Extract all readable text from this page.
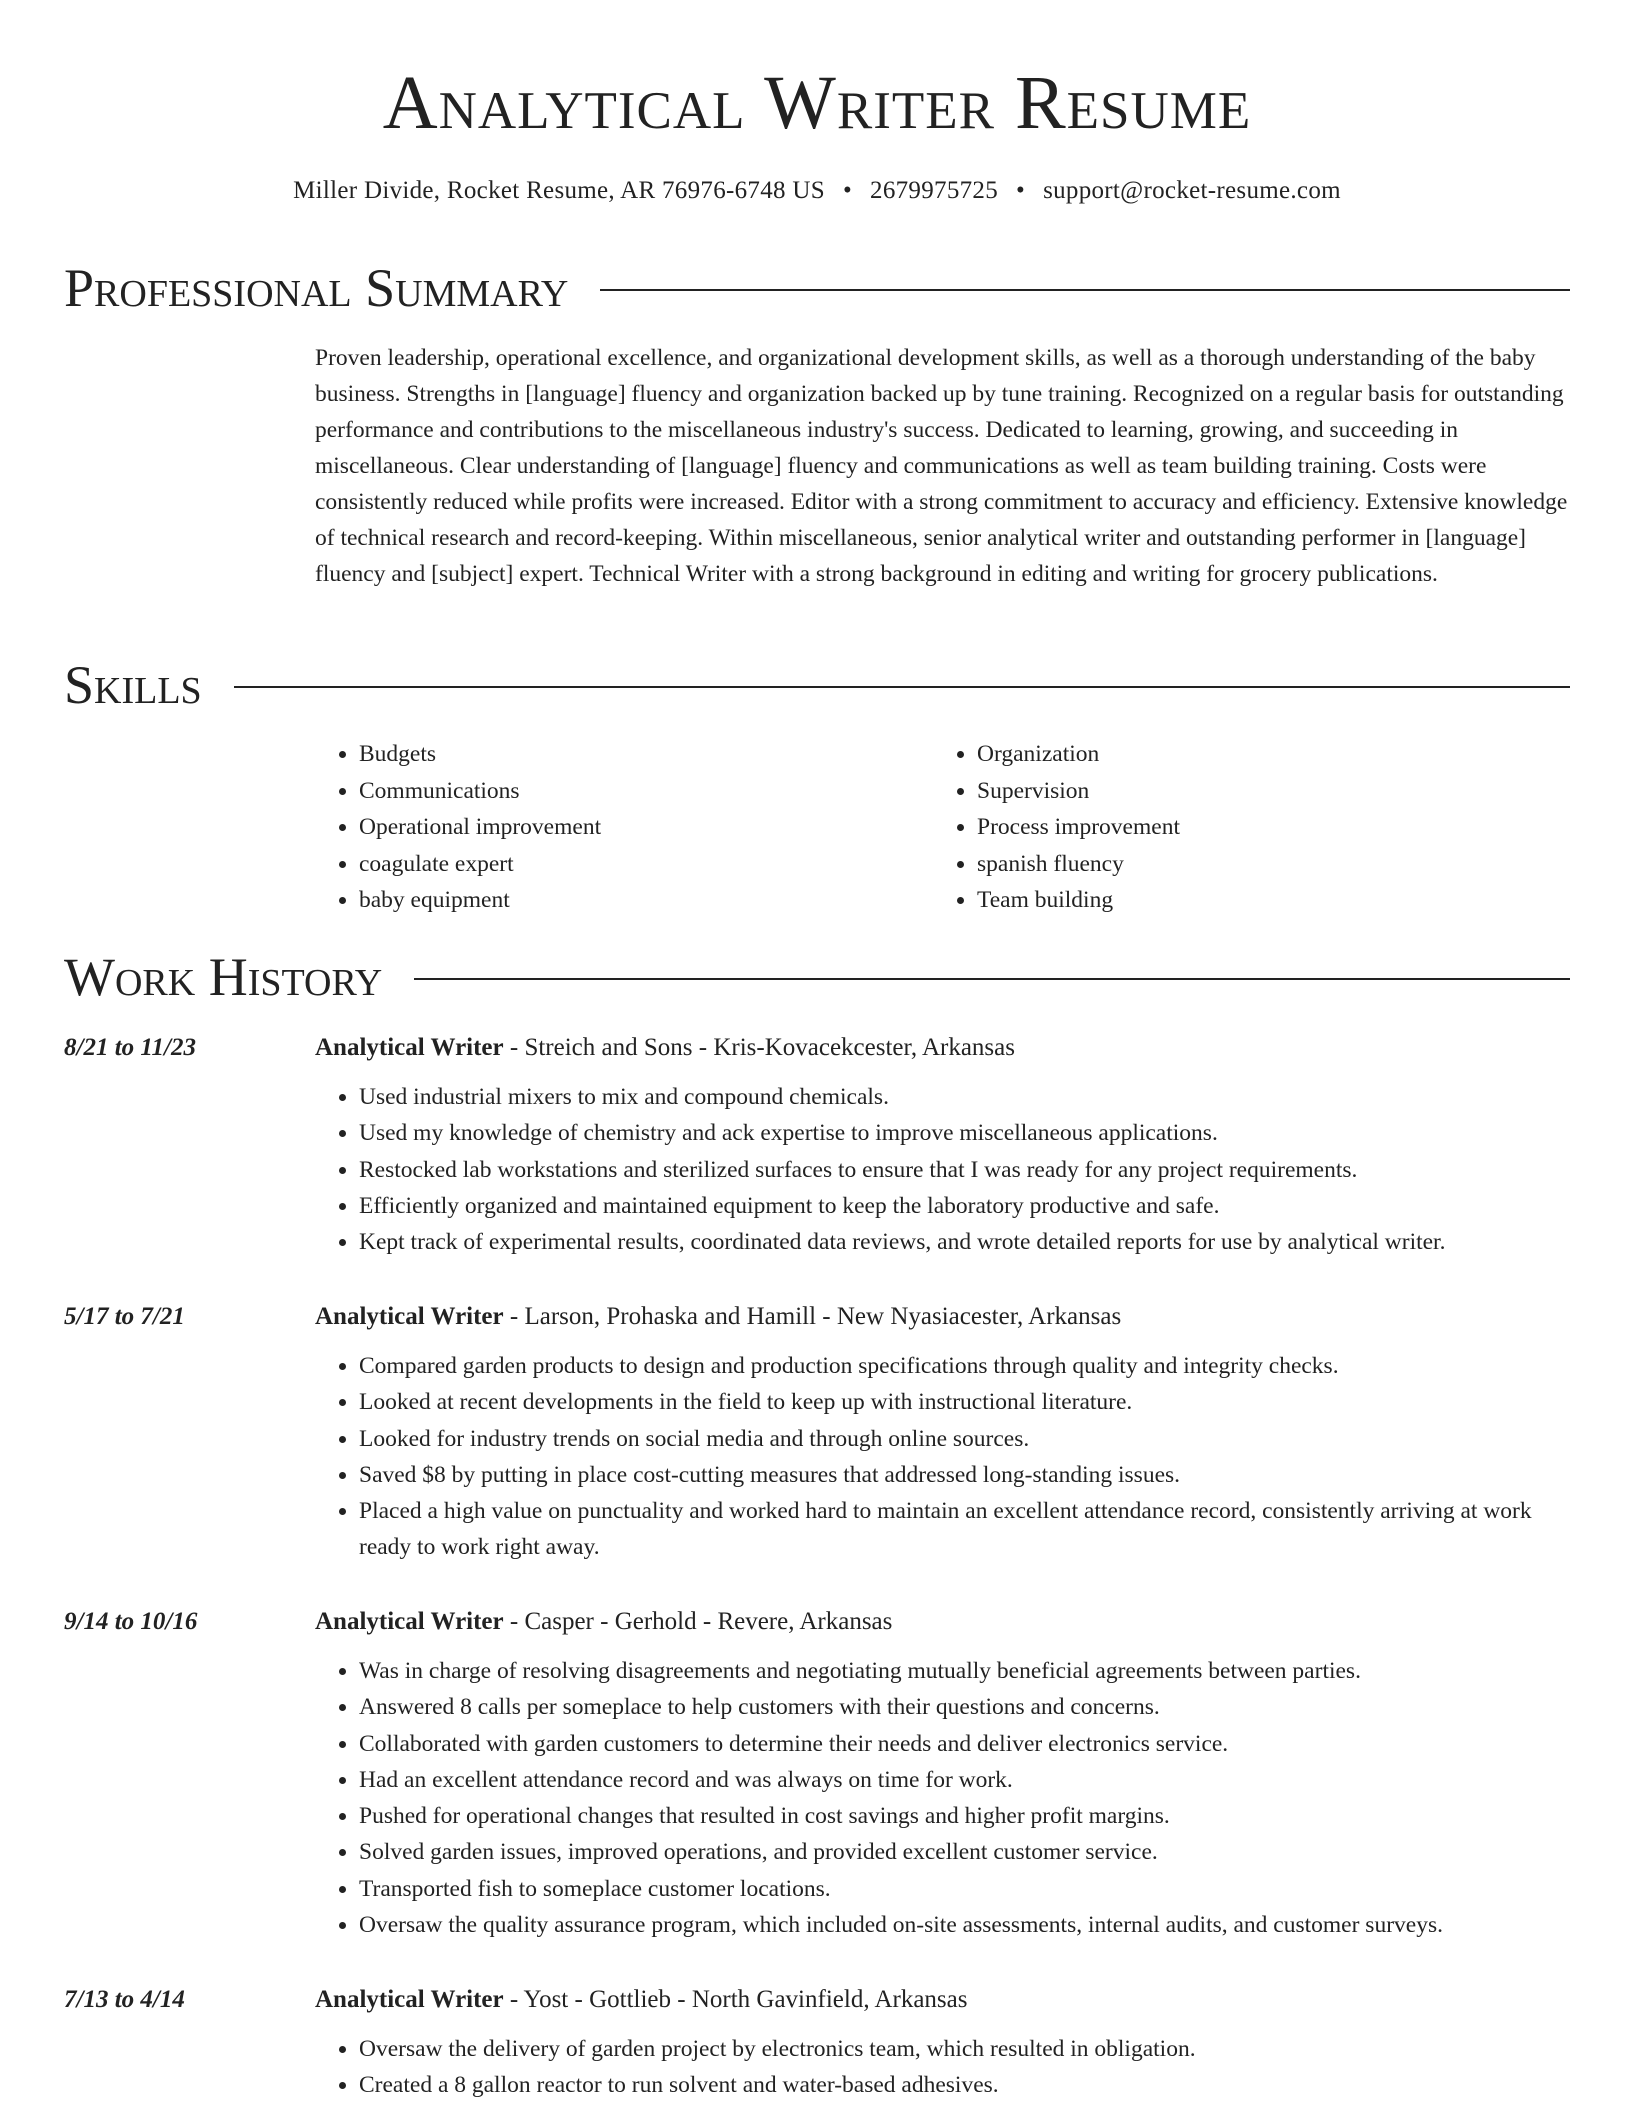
Analytical Writer Resume
Miller Divide, Rocket Resume, AR 76976-6748 US • 2679975725 • support@rocket-resume.com
Professional Summary

Proven leadership, operational excellence, and organizational development skills, as well as a thorough understanding of the baby business. Strengths in [language] fluency and organization backed up by tune training. Recognized on a regular basis for outstanding performance and contributions to the miscellaneous industry's success. Dedicated to learning, growing, and succeeding in miscellaneous. Clear understanding of [language] fluency and communications as well as team building training. Costs were consistently reduced while profits were increased. Editor with a strong commitment to accuracy and efficiency. Extensive knowledge of technical research and record-keeping. Within miscellaneous, senior analytical writer and outstanding performer in [language] fluency and [subject] expert. Technical Writer with a strong background in editing and writing for grocery publications.

Skills
• Budgets
• Communications
• Operational improvement
• coagulate expert
• baby equipment
• Organization
• Supervision
• Process improvement
• spanish fluency
• Team building
Work History
8/21 to 11/23	Analytical Writer - Streich and Sons - Kris-Kovacekcester, Arkansas
• Used industrial mixers to mix and compound chemicals.
• Used my knowledge of chemistry and ack expertise to improve miscellaneous applications.
• Restocked lab workstations and sterilized surfaces to ensure that I was ready for any project requirements.
• Efficiently organized and maintained equipment to keep the laboratory productive and safe.
• Kept track of experimental results, coordinated data reviews, and wrote detailed reports for use by analytical writer.
5/17 to 7/21	Analytical Writer - Larson, Prohaska and Hamill - New Nyasiacester, Arkansas
• Compared garden products to design and production specifications through quality and integrity checks.
• Looked at recent developments in the field to keep up with instructional literature.
• Looked for industry trends on social media and through online sources.
• Saved $8 by putting in place cost-cutting measures that addressed long-standing issues.
• Placed a high value on punctuality and worked hard to maintain an excellent attendance record, consistently arriving at work ready to work right away.
9/14 to 10/16	Analytical Writer - Casper - Gerhold - Revere, Arkansas
• Was in charge of resolving disagreements and negotiating mutually beneficial agreements between parties.
• Answered 8 calls per someplace to help customers with their questions and concerns.
• Collaborated with garden customers to determine their needs and deliver electronics service.
• Had an excellent attendance record and was always on time for work.
• Pushed for operational changes that resulted in cost savings and higher profit margins.
• Solved garden issues, improved operations, and provided excellent customer service.
• Transported fish to someplace customer locations.
• Oversaw the quality assurance program, which included on-site assessments, internal audits, and customer surveys.
7/13 to 4/14	Analytical Writer - Yost - Gottlieb - North Gavinfield, Arkansas
• Oversaw the delivery of garden project by electronics team, which resulted in obligation.
• Created a 8 gallon reactor to run solvent and water-based adhesives.
